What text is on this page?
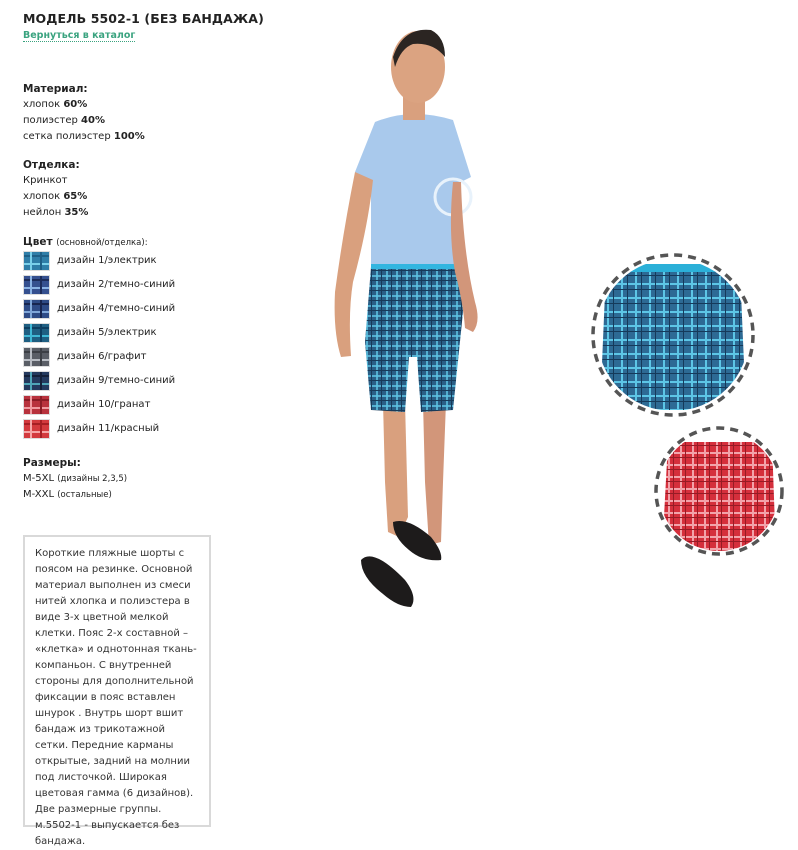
МОДЕЛЬ 5502-1 (БЕЗ БАНДАЖА)
Вернуться в каталог
Материал:
хлопок 60%
полиэстер 40%
сетка полиэстер 100%
Отделка:
Кринкот
хлопок 65%
нейлон 35%
Цвет (основной/отделка):
дизайн 1/электрик
дизайн 2/темно-синий
дизайн 4/темно-синий
дизайн 5/электрик
дизайн 6/графит
дизайн 9/темно-синий
дизайн 10/гранат
дизайн 11/красный
Размеры:
M-5XL (дизайны 2,3,5)
M-XXL (остальные)
Короткие пляжные шорты с поясом на резинке. Основной материал выполнен из смеси нитей хлопка и полиэстера в виде 3-х цветной мелкой клетки. Пояс 2-х составной – «клетка» и однотонная ткань-компаньон. С внутренней стороны для дополнительной фиксации в пояс вставлен шнурок . Внутрь шорт вшит бандаж из трикотажной сетки. Передние карманы открытые, задний на молнии под листочкой. Широкая цветовая гамма (6 дизайнов). Две размерные группы. м.5502-1 - выпускается без бандажа.
